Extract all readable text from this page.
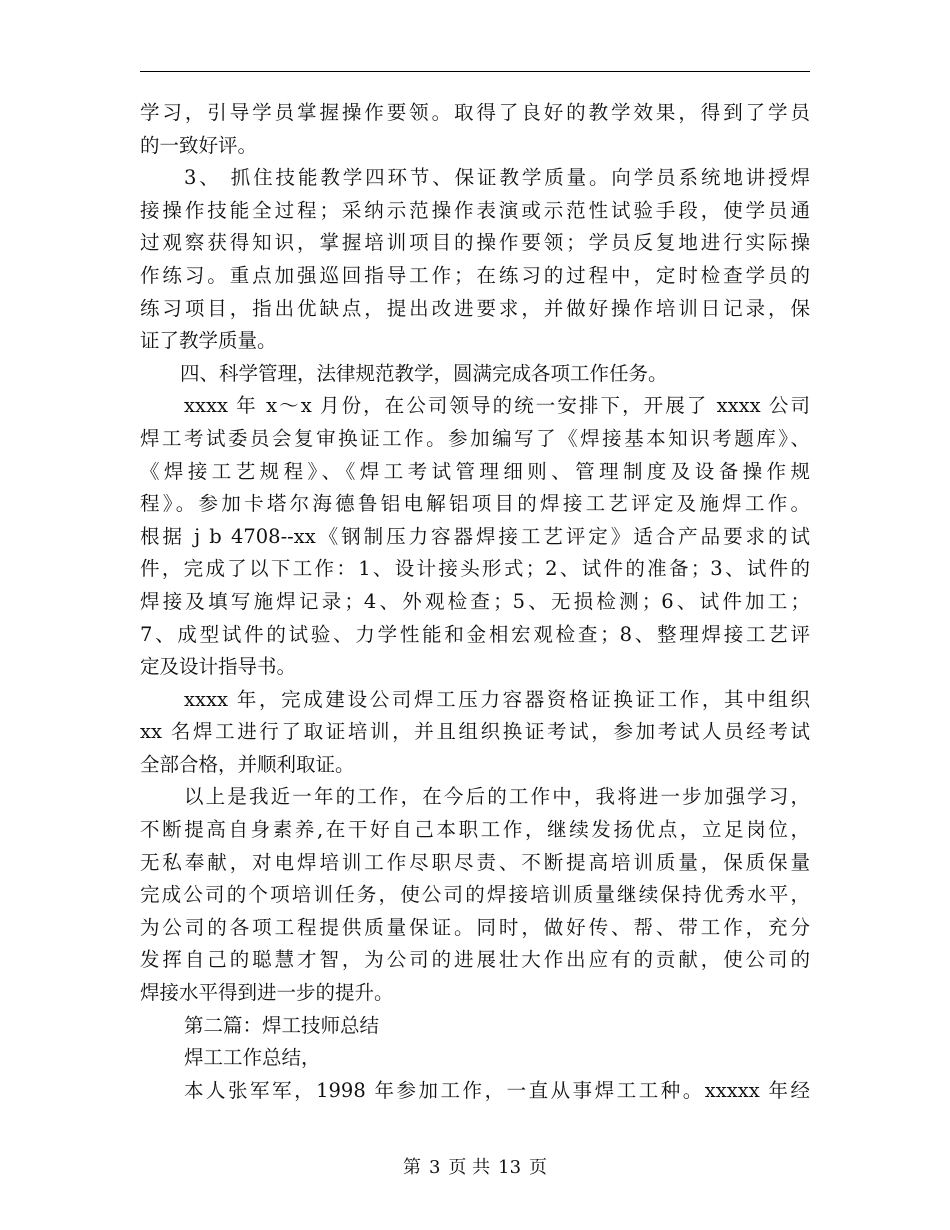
学习，引导学员掌握操作要领。取得了良好的教学效果，得到了学员
的一致好评。
3、 抓住技能教学四环节、保证教学质量。向学员系统地讲授焊
接操作技能全过程；采纳示范操作表演或示范性试验手段，使学员通
过观察获得知识，掌握培训项目的操作要领；学员反复地进行实际操
作练习。重点加强巡回指导工作；在练习的过程中，定时检查学员的
练习项目，指出优缺点，提出改进要求，并做好操作培训日记录，保
证了教学质量。
四、科学管理，法律规范教学，圆满完成各项工作任务。
xxxx 年 x～x 月份，在公司领导的统一安排下，开展了 xxxx 公司
焊工考试委员会复审换证工作。参加编写了《焊接基本知识考题库》、
《焊接工艺规程》、《焊工考试管理细则、管理制度及设备操作规
程》。参加卡塔尔海德鲁铝电解铝项目的焊接工艺评定及施焊工作。
根据 j b 4708--xx《钢制压力容器焊接工艺评定》适合产品要求的试
件，完成了以下工作：1、设计接头形式；2、试件的准备；3、试件的
焊接及填写施焊记录；4、外观检查；5、无损检测；6、试件加工；
7、成型试件的试验、力学性能和金相宏观检查；8、整理焊接工艺评
定及设计指导书。
xxxx 年，完成建设公司焊工压力容器资格证换证工作，其中组织
xx 名焊工进行了取证培训，并且组织换证考试，参加考试人员经考试
全部合格，并顺利取证。
以上是我近一年的工作，在今后的工作中，我将进一步加强学习，
不断提高自身素养,在干好自己本职工作，继续发扬优点，立足岗位，
无私奉献，对电焊培训工作尽职尽责、不断提高培训质量，保质保量
完成公司的个项培训任务，使公司的焊接培训质量继续保持优秀水平，
为公司的各项工程提供质量保证。同时，做好传、帮、带工作，充分
发挥自己的聪慧才智，为公司的进展壮大作出应有的贡献，使公司的
焊接水平得到进一步的提升。
第二篇：焊工技师总结
焊工工作总结，
本人张军军，1998 年参加工作，一直从事焊工工种。xxxxx 年经
第 3 页 共 13 页
